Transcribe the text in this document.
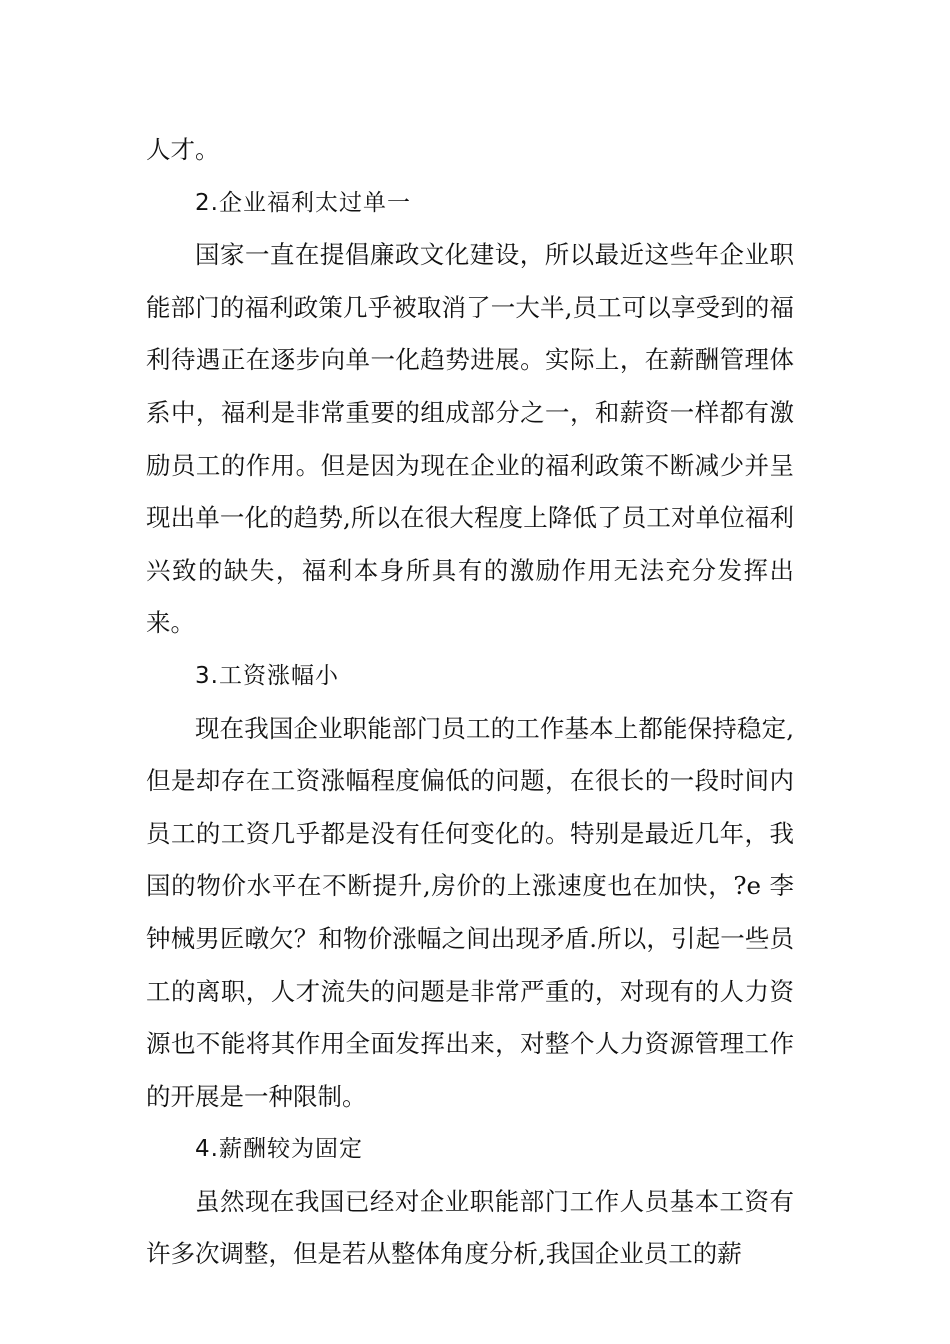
人才。

2.企业福利太过单一

国家一直在提倡廉政文化建设，所以最近这些年企业职能部门的福利政策几乎被取消了一大半,员工可以享受到的福利待遇正在逐步向单一化趋势进展。实际上，在薪酬管理体系中，福利是非常重要的组成部分之一，和薪资一样都有激励员工的作用。但是因为现在企业的福利政策不断减少并呈现出单一化的趋势,所以在很大程度上降低了员工对单位福利兴致的缺失，福利本身所具有的激励作用无法充分发挥出来。

3.工资涨幅小

现在我国企业职能部门员工的工作基本上都能保持稳定,但是却存在工资涨幅程度偏低的问题，在很长的一段时间内员工的工资几乎都是没有任何变化的。特别是最近几年，我国的物价水平在不断提升,房价的上涨速度也在加快，?e 李钟械男匠暾欠？和物价涨幅之间出现矛盾.所以，引起一些员工的离职，人才流失的问题是非常严重的，对现有的人力资源也不能将其作用全面发挥出来，对整个人力资源管理工作的开展是一种限制。

4.薪酬较为固定

虽然现在我国已经对企业职能部门工作人员基本工资有许多次调整，但是若从整体角度分析,我国企业员工的薪
